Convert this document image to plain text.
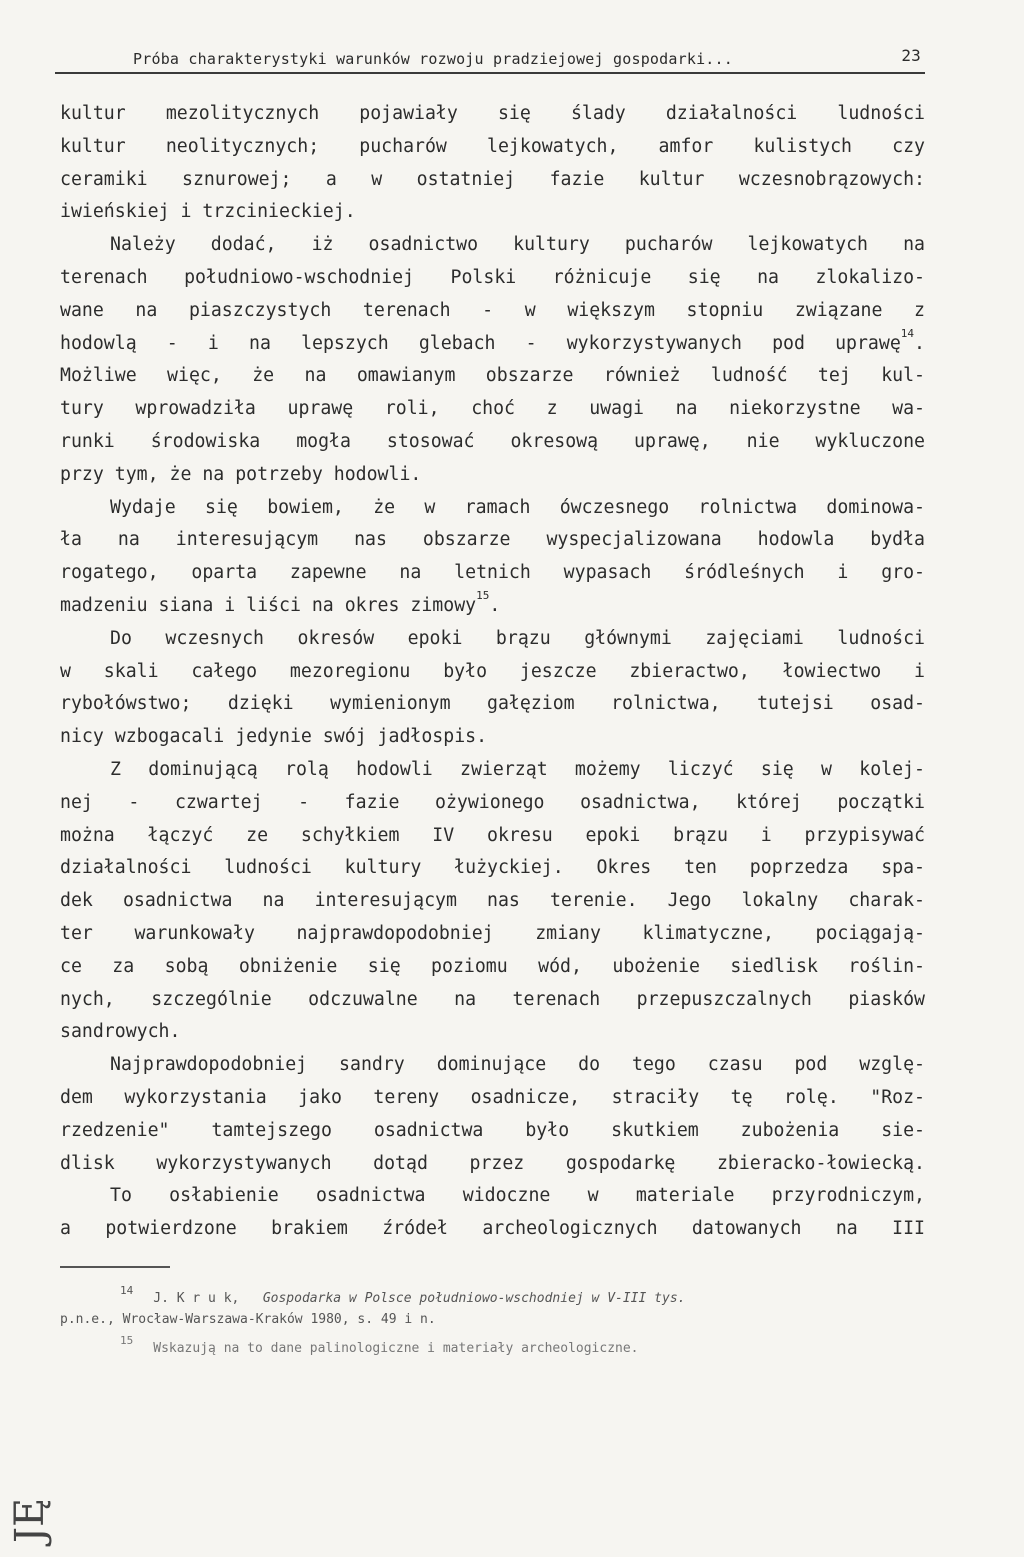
Próba charakterystyki warunków rozwoju pradziejowej gospodarki...	23
kultur mezolitycznych pojawiały się ślady działalności ludności
kultur neolitycznych; pucharów lejkowatych, amfor kulistych czy
ceramiki sznurowej; a w ostatniej fazie kultur wczesnobrązowych:
iwieńskiej i trzcinieckiej.
Należy dodać, iż osadnictwo kultury pucharów lejkowatych na
terenach południowo-wschodniej Polski różnicuje się na zlokalizo-
wane na piaszczystych terenach - w większym stopniu związane z
hodowlą - i na lepszych glebach - wykorzystywanych pod uprawę$^{14}$.
Możliwe więc, że na omawianym obszarze również ludność tej kul-
tury wprowadziła uprawę roli, choć z uwagi na niekorzystne wa-
runki środowiska mogła stosować okresową uprawę, nie wykluczone
przy tym, że na potrzeby hodowli.
Wydaje się bowiem, że w ramach ówczesnego rolnictwa dominowa-
ła na interesującym nas obszarze wyspecjalizowana hodowla bydła
rogatego, oparta zapewne na letnich wypasach śródleśnych i gro-
madzeniu siana i liści na okres zimowy$^{15}$.
Do wczesnych okresów epoki brązu głównymi zajęciami ludności
w skali całego mezoregionu było jeszcze zbieractwo, łowiectwo i
rybołówstwo; dzięki wymienionym gałęziom rolnictwa, tutejsi osad-
nicy wzbogacali jedynie swój jadłospis.
Z dominującą rolą hodowli zwierząt możemy liczyć się w kolej-
nej - czwartej - fazie ożywionego osadnictwa, której początki
można łączyć ze schyłkiem IV okresu epoki brązu i przypisywać
działalności ludności kultury łużyckiej. Okres ten poprzedza spa-
dek osadnictwa na interesującym nas terenie. Jego lokalny charak-
ter warunkowały najprawdopodobniej zmiany klimatyczne, pociągają-
ce za sobą obniżenie się poziomu wód, ubożenie siedlisk roślin-
nych, szczególnie odczuwalne na terenach przepuszczalnych piasków
sandrowych.
Najprawdopodobniej sandry dominujące do tego czasu pod wzglę-
dem wykorzystania jako tereny osadnicze, straciły tę rolę. "Roz-
rzedzenie" tamtejszego osadnictwa było skutkiem zubożenia sie-
dlisk wykorzystywanych dotąd przez gospodarkę zbieracko-łowiecką.
To osłabienie osadnictwa widoczne w materiale przyrodniczym,
a potwierdzone brakiem źródeł archeologicznych datowanych na III
$^{14}$J. K r u k, Gospodarka w Polsce południowo-wschodniej w V-III tys.
p.n.e., Wrocław-Warszawa-Kraków 1980, s. 49 i n.
$^{15}$Wskazują na to dane palinologiczne i materiały archeologiczne.
JĘ
